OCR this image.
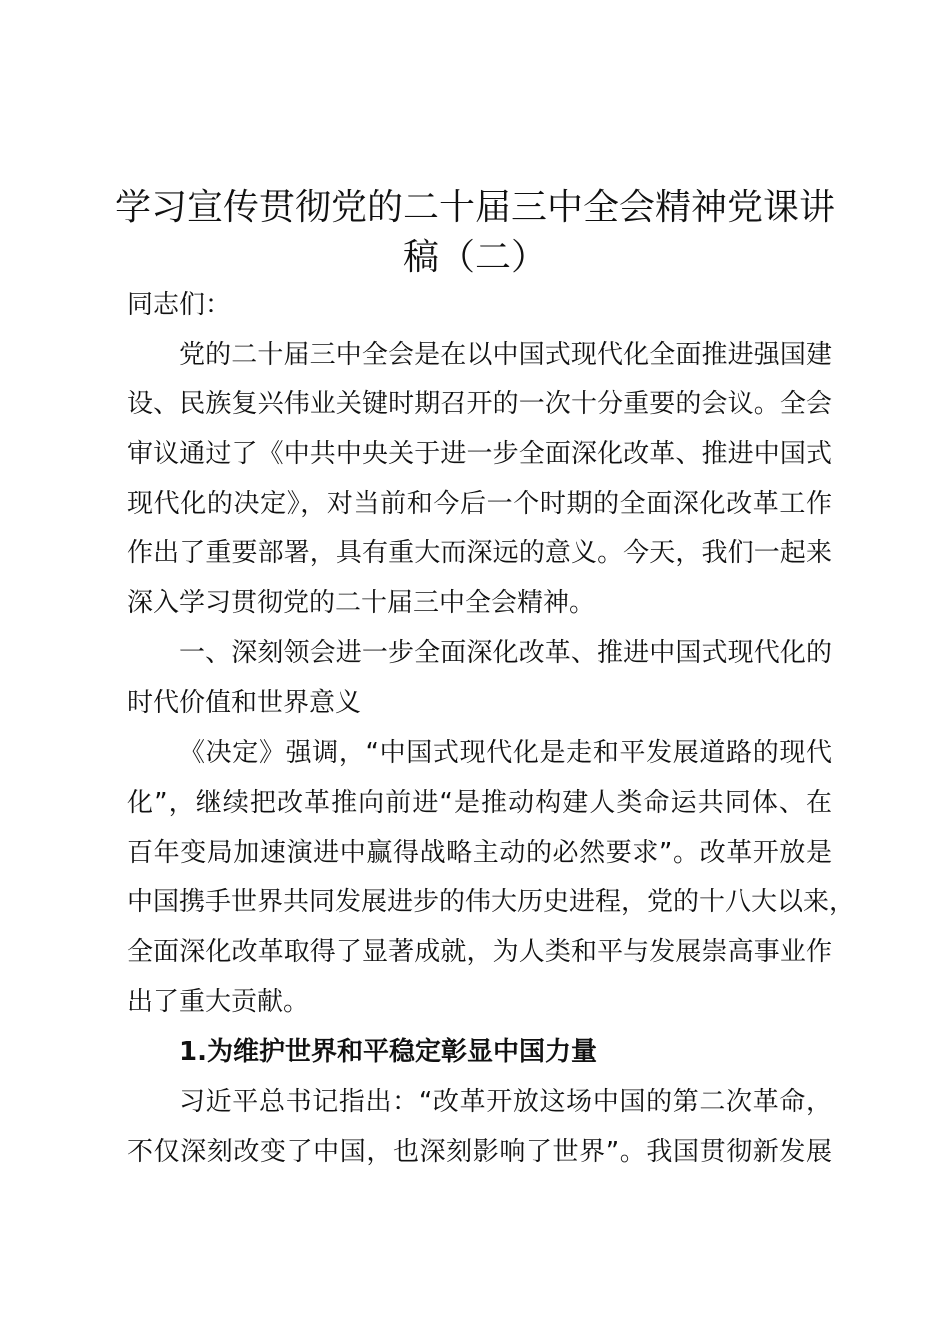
学习宣传贯彻党的二十届三中全会精神党课讲
稿（二）
同志们：
党的二十届三中全会是在以中国式现代化全面推进强国建
设、民族复兴伟业关键时期召开的一次十分重要的会议。全会
审议通过了《中共中央关于进一步全面深化改革、推进中国式
现代化的决定》，对当前和今后一个时期的全面深化改革工作
作出了重要部署，具有重大而深远的意义。今天，我们一起来
深入学习贯彻党的二十届三中全会精神。
一、深刻领会进一步全面深化改革、推进中国式现代化的
时代价值和世界意义
《决定》强调，“中国式现代化是走和平发展道路的现代
化”，继续把改革推向前进“是推动构建人类命运共同体、在
百年变局加速演进中赢得战略主动的必然要求”。改革开放是
中国携手世界共同发展进步的伟大历史进程，党的十八大以来，
全面深化改革取得了显著成就，为人类和平与发展崇高事业作
出了重大贡献。
1.为维护世界和平稳定彰显中国力量
习近平总书记指出：“改革开放这场中国的第二次革命，
不仅深刻改变了中国，也深刻影响了世界”。我国贯彻新发展
